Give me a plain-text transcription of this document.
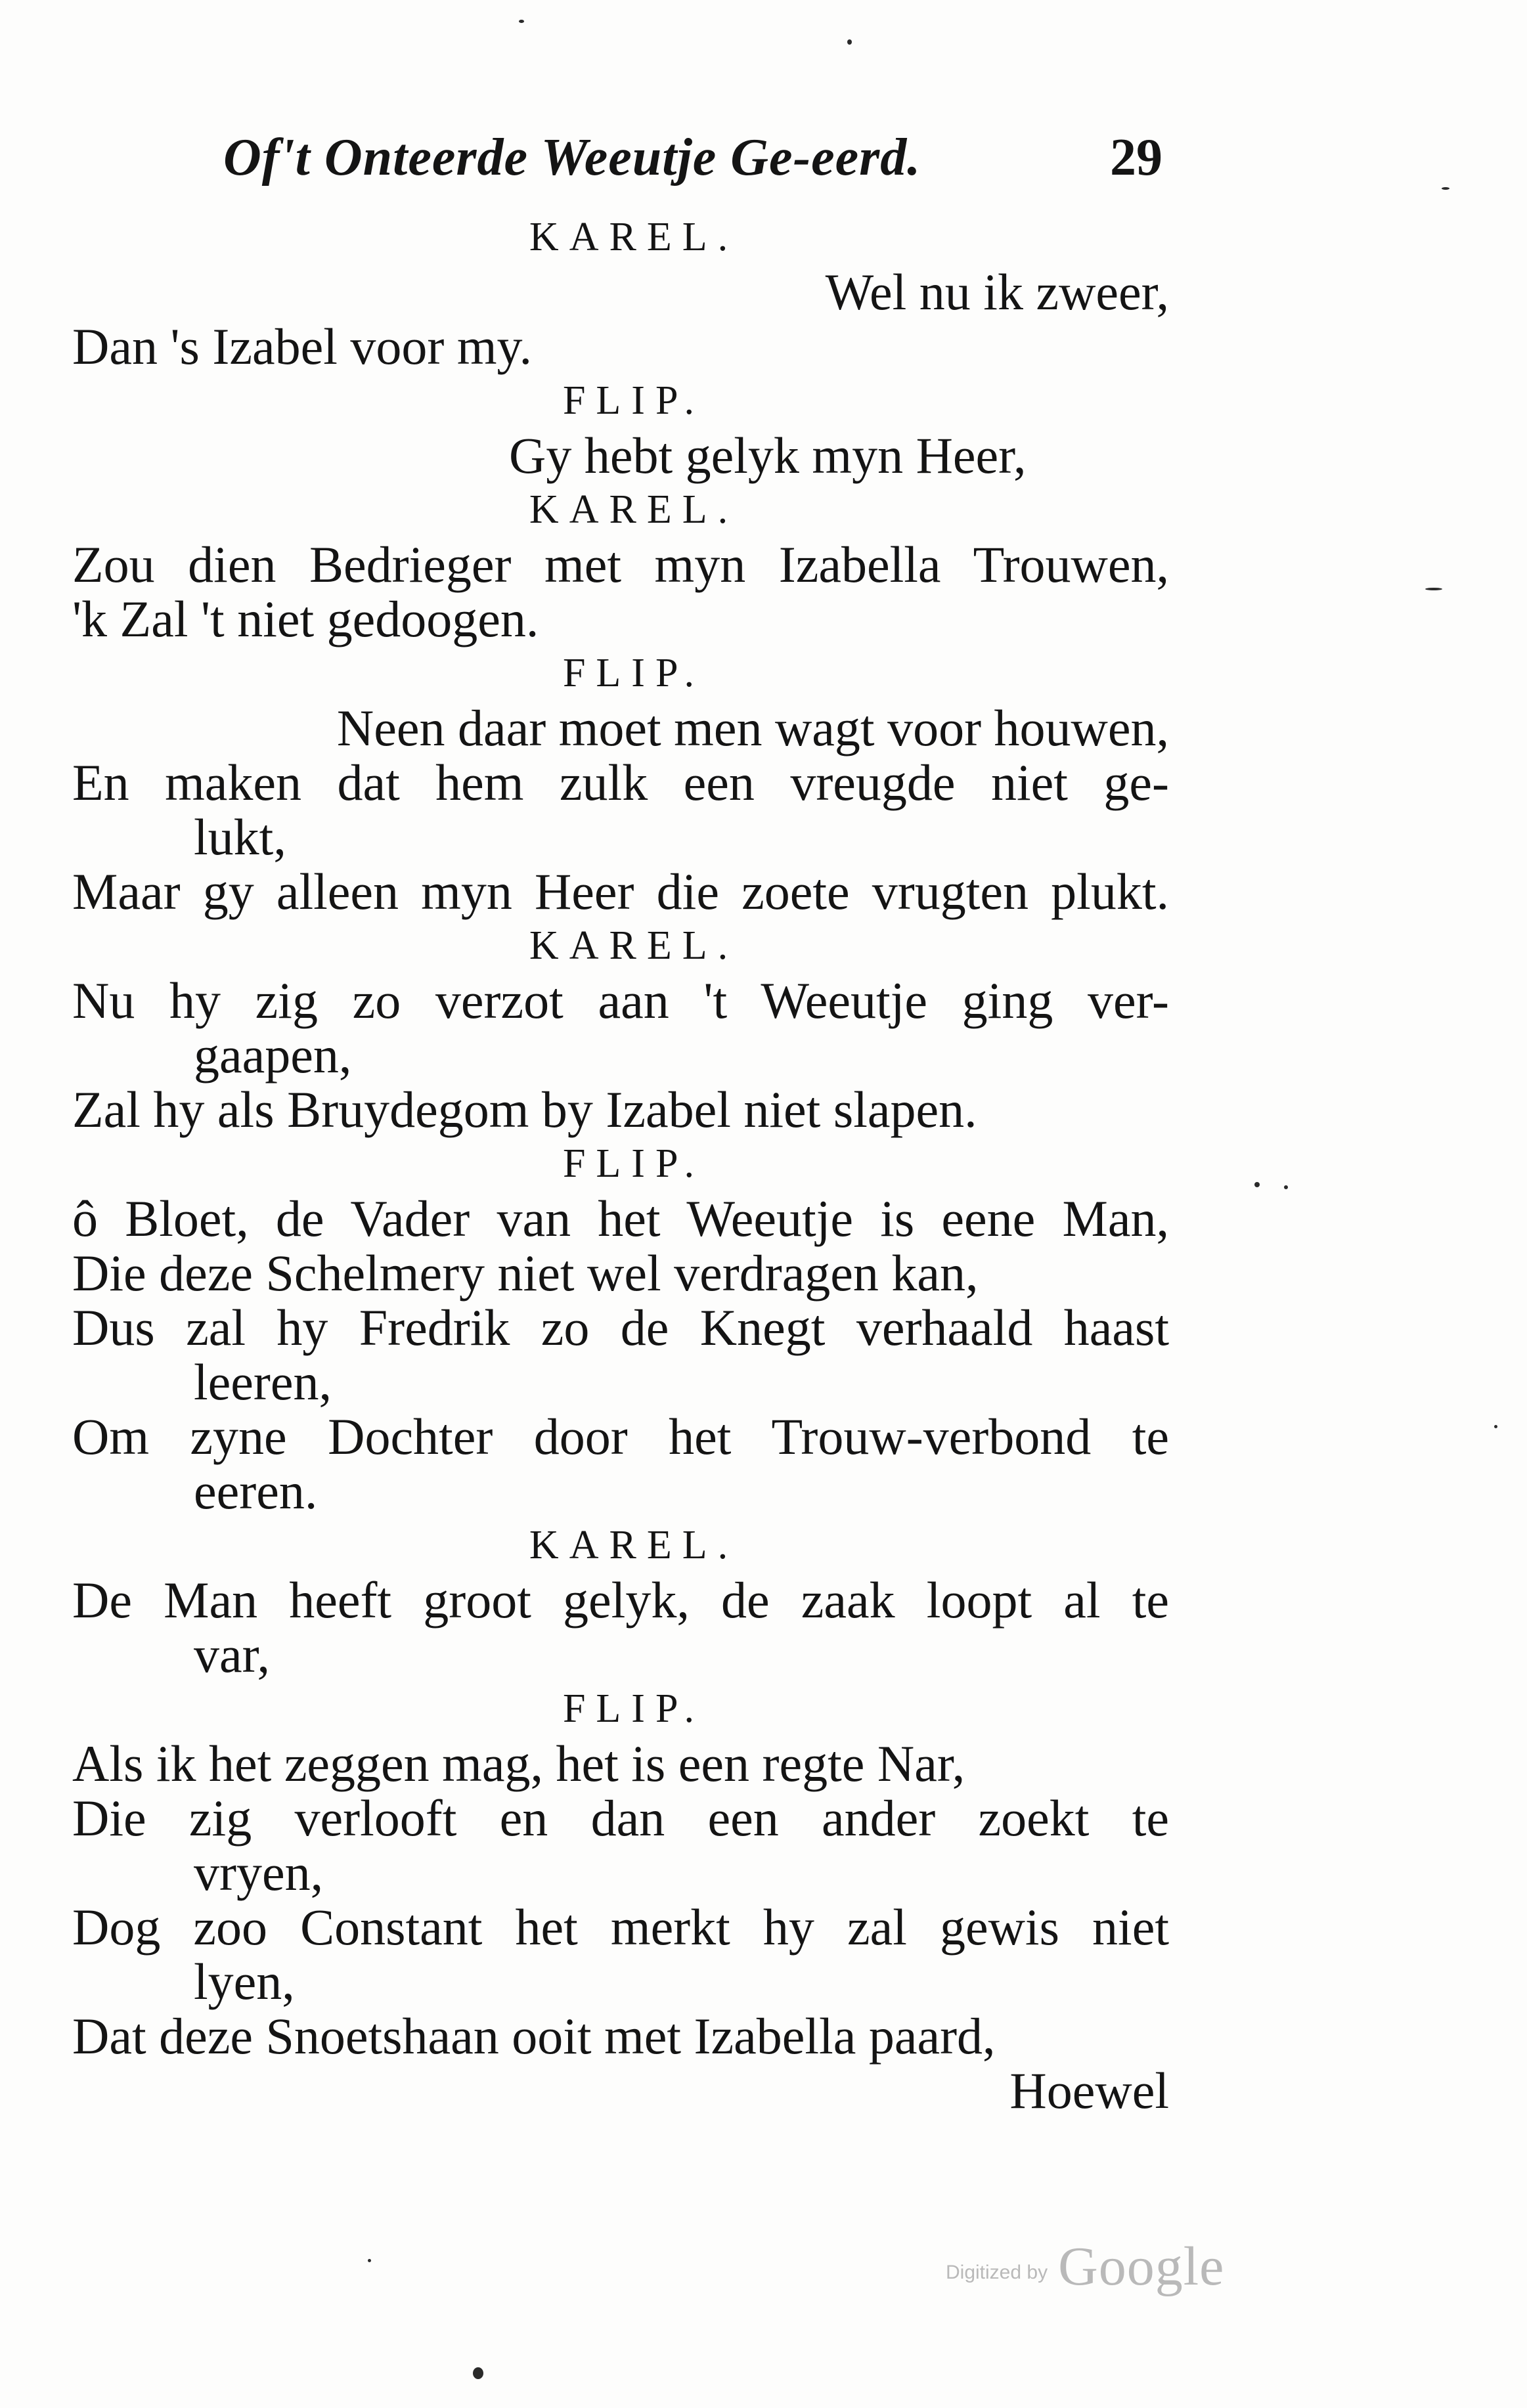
Of't Onteerde Weeutje Ge-eerd.	29
KAREL.
Wel nu ik zweer,
Dan 's Izabel voor my.
FLIP.
Gy hebt gelyk myn Heer,
KAREL.
Zou dien Bedrieger met myn Izabella Trouwen,
'k Zal 't niet gedoogen.
FLIP.
Neen daar moet men wagt voor houwen,
En maken dat hem zulk een vreugde niet ge-
lukt,
Maar gy alleen myn Heer die zoete vrugten plukt.
KAREL.
Nu hy zig zo verzot aan 't Weeutje ging ver-
gaapen,
Zal hy als Bruydegom by Izabel niet slapen.
FLIP.
ô Bloet, de Vader van het Weeutje is eene Man,
Die deze Schelmery niet wel verdragen kan,
Dus zal hy Fredrik zo de Knegt verhaald haast
leeren,
Om zyne Dochter door het Trouw-verbond te
eeren.
KAREL.
De Man heeft groot gelyk, de zaak loopt al te
var,
FLIP.
Als ik het zeggen mag, het is een regte Nar,
Die zig verlooft en dan een ander zoekt te
vryen,
Dog zoo Constant het merkt hy zal gewis niet
lyen,
Dat deze Snoetshaan ooit met Izabella paard,
Hoewel
Digitized by Google
